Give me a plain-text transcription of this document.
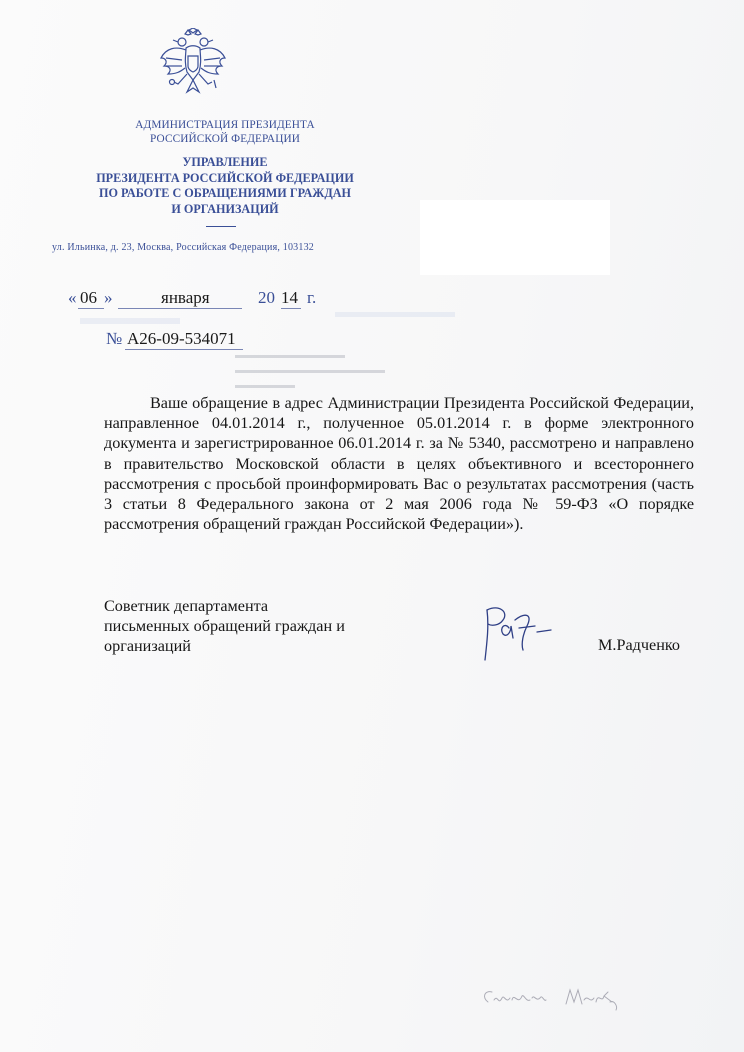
АДМИНИСТРАЦИЯ ПРЕЗИДЕНТА
РОССИЙСКОЙ ФЕДЕРАЦИИ
УПРАВЛЕНИЕ
ПРЕЗИДЕНТА РОССИЙСКОЙ ФЕДЕРАЦИИ
ПО РАБОТЕ С ОБРАЩЕНИЯМИ ГРАЖДАН
И ОРГАНИЗАЦИЙ
ул. Ильинка, д. 23, Москва, Российская Федерация, 103132
▬▬▬▬▬▬▬▬▬▬▬
▬▬▬▬▬▬▬▬▬▬▬▬▬▬▬
▬▬▬▬▬▬
« 06 »	января	20 14 г.
№ А26-09-534071
Ваше обращение в адрес Администрации Президента Российской Федерации, направленное 04.01.2014 г., полученное 05.01.2014 г. в форме электронного документа и зарегистрированное 06.01.2014 г. за № 5340, рассмотрено и направлено в правительство Московской области в целях объективного и всестороннего рассмотрения с просьбой проинформировать Вас о результатах рассмотрения (часть 3 статьи 8 Федерального закона от 2 мая 2006 года № 59-ФЗ «О порядке рассмотрения обращений граждан Российской Федерации»).
Советник департамента
письменных обращений граждан и
организаций	М.Радченко
